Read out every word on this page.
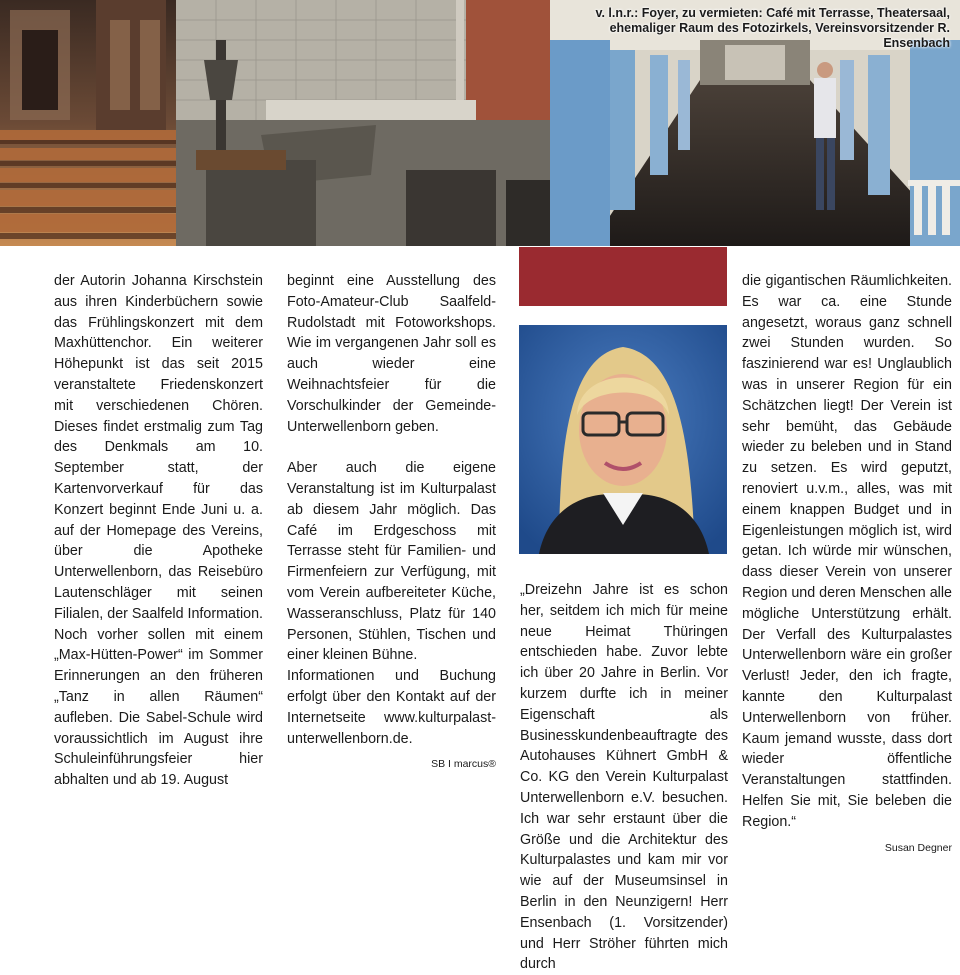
v. l.n.r.: Foyer, zu vermieten: Café mit Terrasse, Theatersaal,
ehemaliger Raum des Fotozirkels, Vereinsvorsitzender R. Ensenbach

der Autorin Johanna Kirschstein aus ihren Kinderbüchern sowie das Frühlingskonzert mit dem Maxhüttenchor. Ein weiterer Höhepunkt ist das seit 2015 veranstaltete Friedenskonzert mit verschiedenen Chören. Dieses findet erstmalig zum Tag des Denkmals am 10. September statt, der Kartenvorverkauf für das Konzert beginnt Ende Juni u. a. auf der Homepage des Vereins, über die Apotheke Unterwellenborn, das Reisebüro Lautenschläger mit seinen Filialen, der Saalfeld Information. Noch vorher sollen mit einem „Max-Hütten-Power“ im Sommer Erinnerungen an den früheren „Tanz in allen Räumen“ aufleben. Die Sabel-Schule wird voraussichtlich im August ihre Schuleinführungsfeier hier abhalten und ab 19. August

beginnt eine Ausstellung des Foto-Amateur-Club Saalfeld-Rudolstadt mit Fotoworkshops. Wie im vergangenen Jahr soll es auch wieder eine Weihnachtsfeier für die Vorschulkinder der Gemeinde-Unterwellenborn geben.

Aber auch die eigene Veranstaltung ist im Kulturpalast ab diesem Jahr möglich. Das Café im Erdgeschoss mit Terrasse steht für Familien- und Firmenfeiern zur Verfügung, mit vom Verein aufbereiteter Küche, Wasseranschluss, Platz für 140 Personen, Stühlen, Tischen und einer kleinen Bühne.

Informationen und Buchung erfolgt über den Kontakt auf der Internetseite www.kulturpalast-unterwellenborn.de.

SB I marcus®

„Dreizehn Jahre ist es schon her, seitdem ich mich für meine neue Heimat Thüringen entschieden habe. Zuvor lebte ich über 20 Jahre in Berlin. Vor kurzem durfte ich in meiner Eigenschaft als Businesskundenbeauftragte des Autohauses Kühnert GmbH & Co. KG den Verein Kulturpalast Unterwellenborn e.V. besuchen. Ich war sehr erstaunt über die Größe und die Architektur des Kulturpalastes und kam mir vor wie auf der Museumsinsel in Berlin in den Neunzigern! Herr Ensenbach (1. Vorsitzender) und Herr Ströher führten mich durch

die gigantischen Räumlichkeiten. Es war ca. eine Stunde angesetzt, woraus ganz schnell zwei Stunden wurden. So faszinierend war es! Unglaublich was in unserer Region für ein Schätzchen liegt! Der Verein ist sehr bemüht, das Gebäude wieder zu beleben und in Stand zu setzen. Es wird geputzt, renoviert u.v.m., alles, was mit einem knappen Budget und in Eigenleistungen möglich ist, wird getan. Ich würde mir wünschen, dass dieser Verein von unserer Region und deren Menschen alle mögliche Unterstützung erhält. Der Verfall des Kulturpalastes Unterwellenborn wäre ein großer Verlust! Jeder, den ich fragte, kannte den Kulturpalast Unterwellenborn von früher. Kaum jemand wusste, dass dort wieder öffentliche Veranstaltungen stattfinden. Helfen Sie mit, Sie beleben die Region.“

Susan Degner
